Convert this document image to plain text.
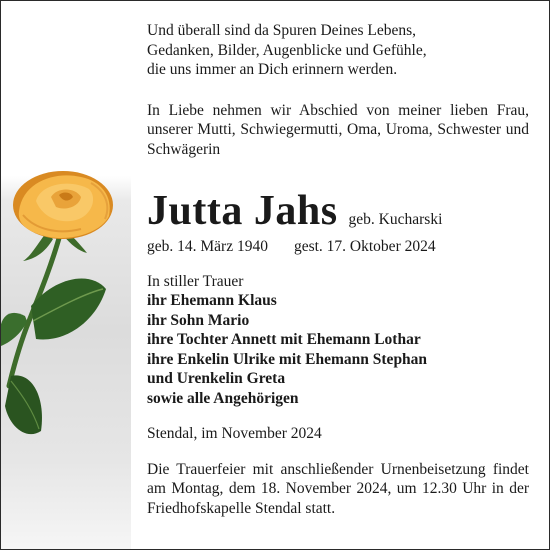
Und überall sind da Spuren Deines Lebens,
Gedanken, Bilder, Augenblicke und Gefühle,
die uns immer an Dich erinnern werden.
In Liebe nehmen wir Abschied von meiner lieben Frau, unserer Mutti, Schwiegermutti, Oma, Uroma, Schwester und Schwägerin
Jutta Jahs geb. Kucharski
geb. 14. März 1940 gest. 17. Oktober 2024
In stiller Trauer
ihr Ehemann Klaus
ihr Sohn Mario
ihre Tochter Annett mit Ehemann Lothar
ihre Enkelin Ulrike mit Ehemann Stephan
und Urenkelin Greta
sowie alle Angehörigen
Stendal, im November 2024
Die Trauerfeier mit anschließender Urnenbeisetzung findet am Montag, dem 18. November 2024, um 12.30 Uhr in der Friedhofskapelle Stendal statt.
